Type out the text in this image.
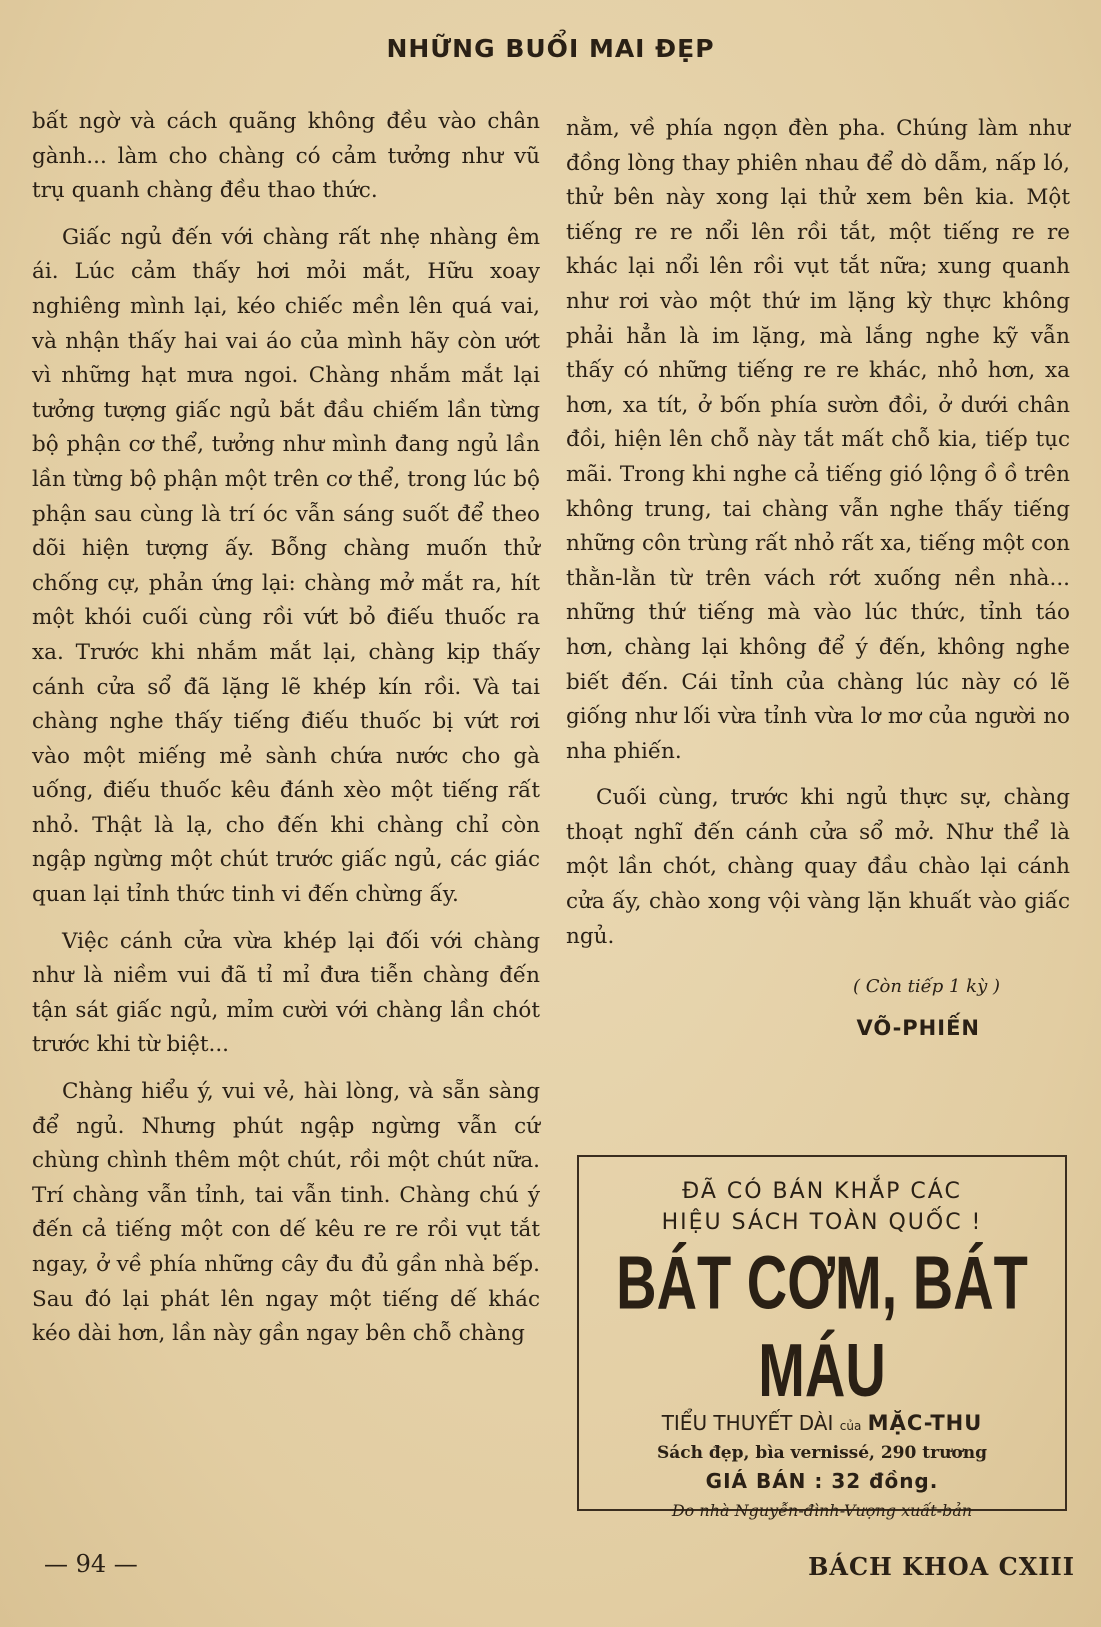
NHỮNG BUỔI MAI ĐẸP

bất ngờ và cách quãng không đều vào chân gành... làm cho chàng có cảm tưởng như vũ trụ quanh chàng đều thao thức.

Giấc ngủ đến với chàng rất nhẹ nhàng êm ái. Lúc cảm thấy hơi mỏi mắt, Hữu xoay nghiêng mình lại, kéo chiếc mền lên quá vai, và nhận thấy hai vai áo của mình hãy còn ướt vì những hạt mưa ngoi. Chàng nhắm mắt lại tưởng tượng giấc ngủ bắt đầu chiếm lần từng bộ phận cơ thể, tưởng như mình đang ngủ lần lần từng bộ phận một trên cơ thể, trong lúc bộ phận sau cùng là trí óc vẫn sáng suốt để theo dõi hiện tượng ấy. Bỗng chàng muốn thử chống cự, phản ứng lại: chàng mở mắt ra, hít một khói cuối cùng rồi vứt bỏ điếu thuốc ra xa. Trước khi nhắm mắt lại, chàng kịp thấy cánh cửa sổ đã lặng lẽ khép kín rồi. Và tai chàng nghe thấy tiếng điếu thuốc bị vứt rơi vào một miếng mẻ sành chứa nước cho gà uống, điếu thuốc kêu đánh xèo một tiếng rất nhỏ. Thật là lạ, cho đến khi chàng chỉ còn ngập ngừng một chút trước giấc ngủ, các giác quan lại tỉnh thức tinh vi đến chừng ấy.

Việc cánh cửa vừa khép lại đối với chàng như là niềm vui đã tỉ mỉ đưa tiễn chàng đến tận sát giấc ngủ, mỉm cười với chàng lần chót trước khi từ biệt...

Chàng hiểu ý, vui vẻ, hài lòng, và sẵn sàng để ngủ. Nhưng phút ngập ngừng vẫn cứ chùng chình thêm một chút, rồi một chút nữa. Trí chàng vẫn tỉnh, tai vẫn tinh. Chàng chú ý đến cả tiếng một con dế kêu re re rồi vụt tắt ngay, ở về phía những cây đu đủ gần nhà bếp. Sau đó lại phát lên ngay một tiếng dế khác kéo dài hơn, lần này gần ngay bên chỗ chàng

nằm, về phía ngọn đèn pha. Chúng làm như đồng lòng thay phiên nhau để dò dẫm, nấp ló, thử bên này xong lại thử xem bên kia. Một tiếng re re nổi lên rồi tắt, một tiếng re re khác lại nổi lên rồi vụt tắt nữa; xung quanh như rơi vào một thứ im lặng kỳ thực không phải hẳn là im lặng, mà lắng nghe kỹ vẫn thấy có những tiếng re re khác, nhỏ hơn, xa hơn, xa tít, ở bốn phía sườn đồi, ở dưới chân đồi, hiện lên chỗ này tắt mất chỗ kia, tiếp tục mãi. Trong khi nghe cả tiếng gió lộng ồ ồ trên không trung, tai chàng vẫn nghe thấy tiếng những côn trùng rất nhỏ rất xa, tiếng một con thằn-lằn từ trên vách rớt xuống nền nhà... những thứ tiếng mà vào lúc thức, tỉnh táo hơn, chàng lại không để ý đến, không nghe biết đến. Cái tỉnh của chàng lúc này có lẽ giống như lối vừa tỉnh vừa lơ mơ của người no nha phiến.

Cuối cùng, trước khi ngủ thực sự, chàng thoạt nghĩ đến cánh cửa sổ mở. Như thể là một lần chót, chàng quay đầu chào lại cánh cửa ấy, chào xong vội vàng lặn khuất vào giấc ngủ.

( Còn tiếp 1 kỳ )

VÕ-PHIẾN

ĐÃ CÓ BÁN KHẮP CÁC
HIỆU SÁCH TOÀN QUỐC !
BÁT CƠM, BÁT MÁU
TIỂU THUYẾT DÀI của MẶC-THU
Sách đẹp, bìa vernissé, 290 trương
GIÁ BÁN : 32 đồng.
Do nhà Nguyễn-đình-Vượng xuất-bản
— 94 —	BÁCH KHOA CXIII
